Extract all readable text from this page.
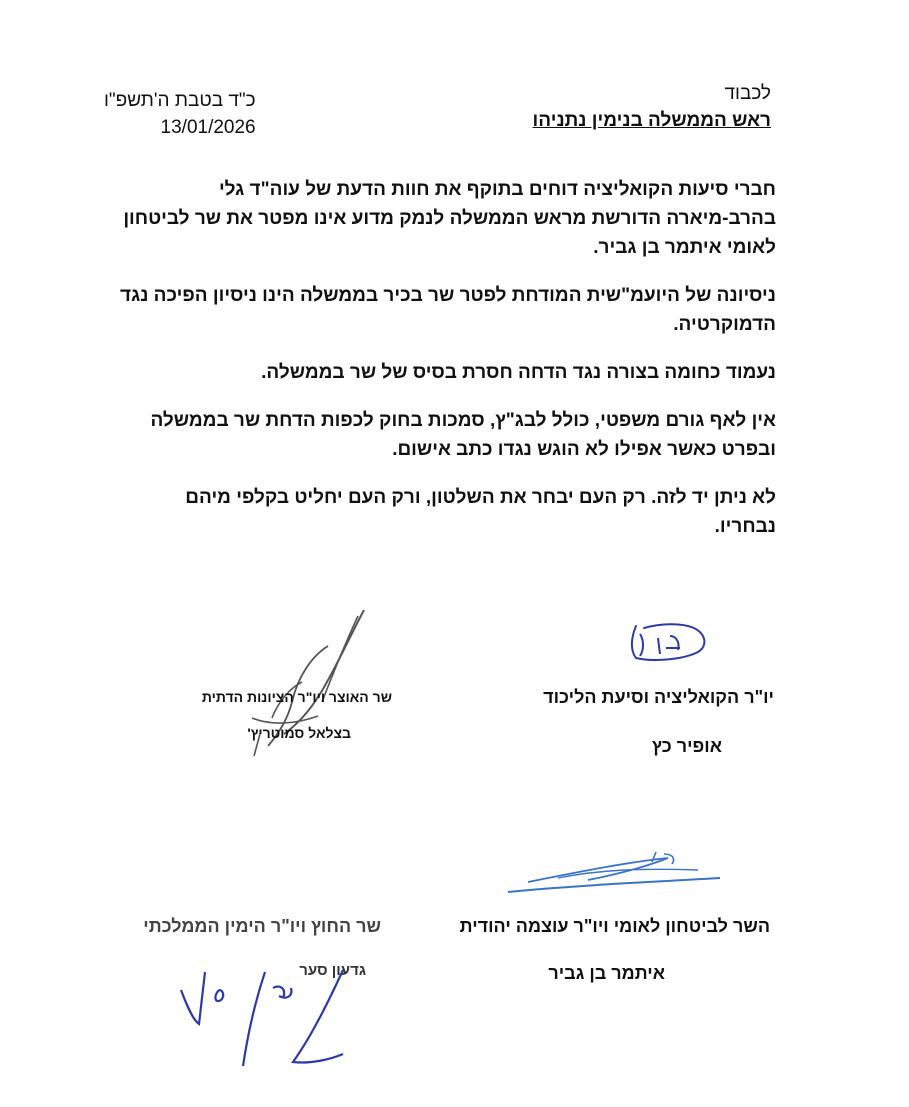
לכבוד
ראש הממשלה בנימין נתניהו
כ"ד בטבת ה'תשפ"ו
13/01/2026

חברי סיעות הקואליציה דוחים בתוקף את חוות הדעת של עוה"ד גלי בהרב-מיארה הדורשת מראש הממשלה לנמק מדוע אינו מפטר את שר לביטחון לאומי איתמר בן גביר.

ניסיונה של היועמ"שית המודחת לפטר שר בכיר בממשלה הינו ניסיון הפיכה נגד הדמוקרטיה.

נעמוד כחומה בצורה נגד הדחה חסרת בסיס של שר בממשלה.

אין לאף גורם משפטי, כולל לבג"ץ, סמכות בחוק לכפות הדחת שר בממשלה ובפרט כאשר אפילו לא הוגש נגדו כתב אישום.

לא ניתן יד לזה. רק העם יבחר את השלטון, ורק העם יחליט בקלפי מיהם נבחריו.

יו"ר הקואליציה וסיעת הליכוד
אופיר כץ
שר האוצר ויו"ר הציונות הדתית
בצלאל סמוטריץ'
השר לביטחון לאומי ויו"ר עוצמה יהודית
איתמר בן גביר
שר החוץ ויו"ר הימין הממלכתי
גדעון סער
